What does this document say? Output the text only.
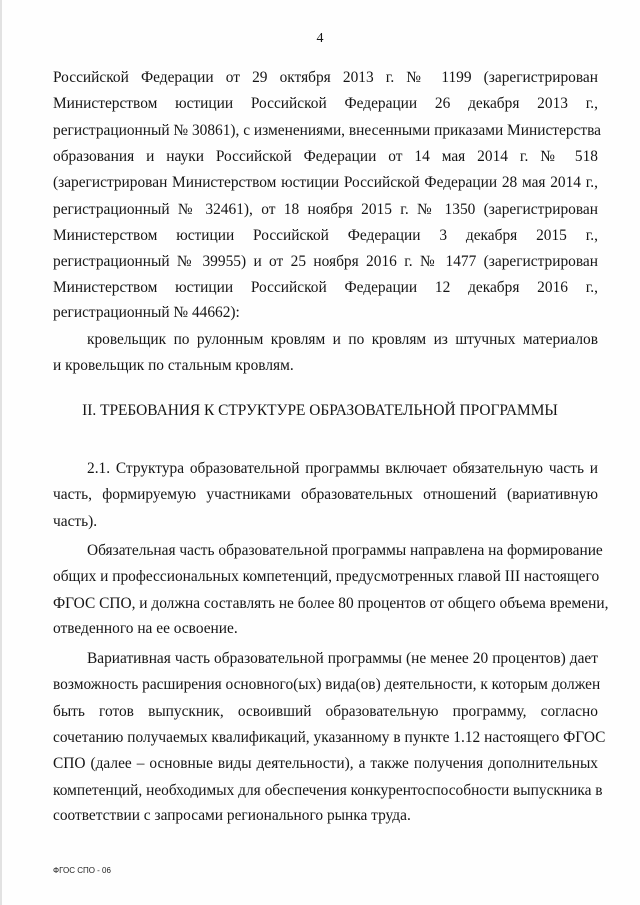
4
Российской Федерации от 29 октября 2013 г. № 1199 (зарегистрирован
Министерством юстиции Российской Федерации 26 декабря 2013 г.,
регистрационный № 30861), с изменениями, внесенными приказами Министерства
образования и науки Российской Федерации от 14 мая 2014 г. № 518
(зарегистрирован Министерством юстиции Российской Федерации 28 мая 2014 г.,
регистрационный № 32461), от 18 ноября 2015 г. № 1350 (зарегистрирован
Министерством юстиции Российской Федерации 3 декабря 2015 г.,
регистрационный № 39955) и от 25 ноября 2016 г. № 1477 (зарегистрирован
Министерством юстиции Российской Федерации 12 декабря 2016 г.,
регистрационный № 44662):
кровельщик по рулонным кровлям и по кровлям из штучных материалов
и кровельщик по стальным кровлям.
II. ТРЕБОВАНИЯ К СТРУКТУРЕ ОБРАЗОВАТЕЛЬНОЙ ПРОГРАММЫ
2.1. Структура образовательной программы включает обязательную часть и
часть, формируемую участниками образовательных отношений (вариативную
часть).
Обязательная часть образовательной программы направлена на формирование
общих и профессиональных компетенций, предусмотренных главой III настоящего
ФГОС СПО, и должна составлять не более 80 процентов от общего объема времени,
отведенного на ее освоение.
Вариативная часть образовательной программы (не менее 20 процентов) дает
возможность расширения основного(ых) вида(ов) деятельности, к которым должен
быть готов выпускник, освоивший образовательную программу, согласно
сочетанию получаемых квалификаций, указанному в пункте 1.12 настоящего ФГОС
СПО (далее – основные виды деятельности), а также получения дополнительных
компетенций, необходимых для обеспечения конкурентоспособности выпускника в
соответствии с запросами регионального рынка труда.
ФГОС СПО - 06
